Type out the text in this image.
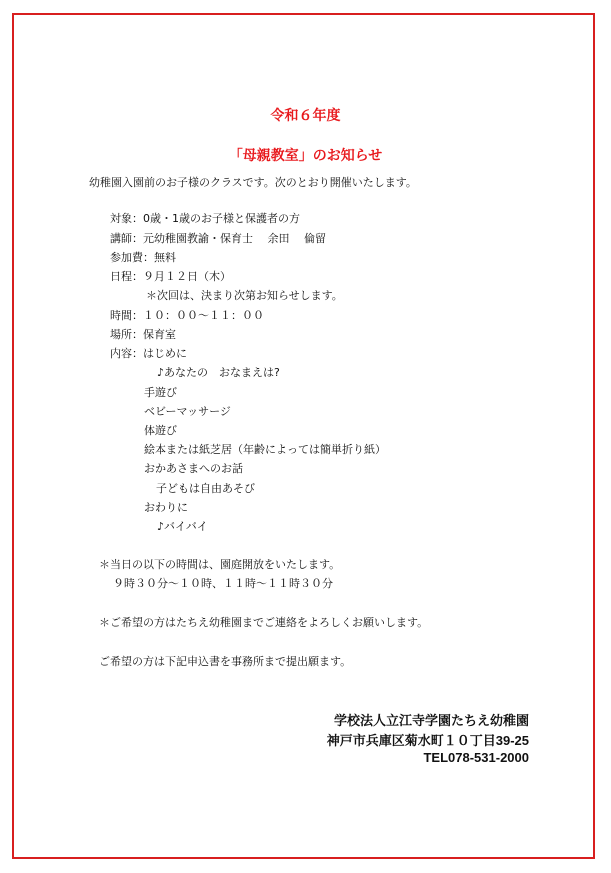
令和６年度
「母親教室」のお知らせ
幼稚園入園前のお子様のクラスです。次のとおり開催いたします。
対象：0歳・1歳のお子様と保護者の方
講師：元幼稚園教諭・保育士　 余田　 倫留
参加費：無料
日程：９月１２日（木）
＊次回は、決まり次第お知らせします。
時間：１０：００～１１：００
場所：保育室
内容：はじめに
♪あなたの　おなまえは?
手遊び
ベビーマッサージ
体遊び
絵本または紙芝居（年齢によっては簡単折り紙）
おかあさまへのお話
子どもは自由あそび
おわりに
♪バイバイ
＊当日の以下の時間は、園庭開放をいたします。
９時３０分～１０時、１１時～１１時３０分
＊ご希望の方はたちえ幼稚園までご連絡をよろしくお願いします。
ご希望の方は下記申込書を事務所まで提出願ます。
学校法人立江寺学園たちえ幼稚園
神戸市兵庫区菊水町１０丁目39-25
TEL078-531-2000
